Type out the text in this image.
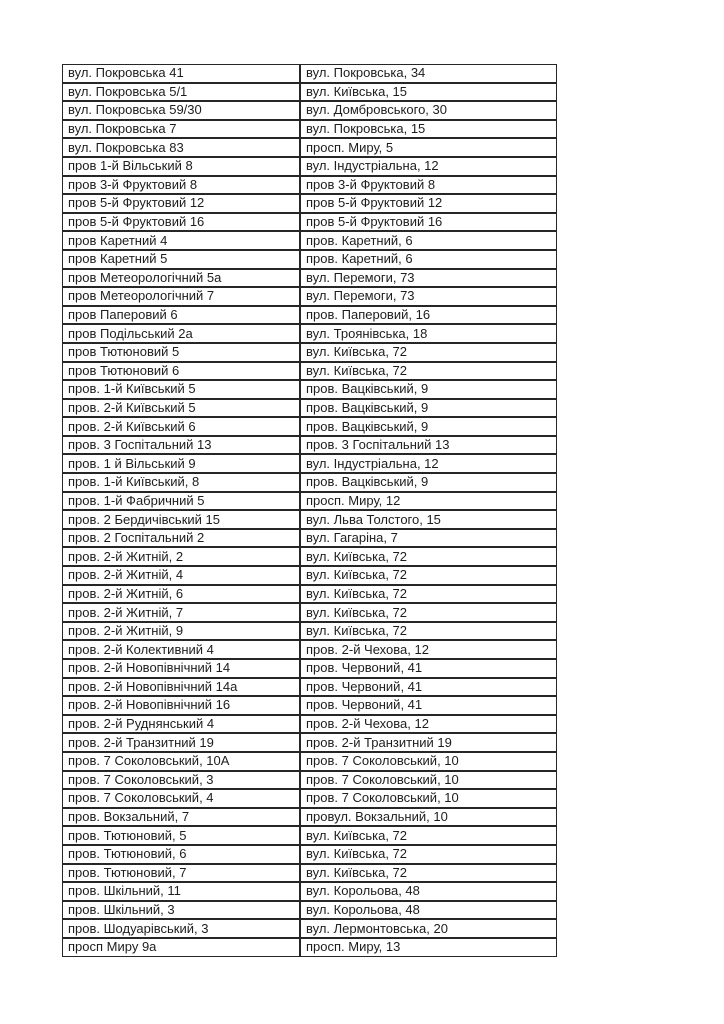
вул. Покровська 41	вул. Покровська, 34
вул. Покровська 5/1	вул. Київська, 15
вул. Покровська 59/30	вул. Домбровського, 30
вул. Покровська 7	вул. Покровська, 15
вул. Покровська 83	просп. Миру, 5
пров 1-й Вільський 8	вул. Індустріальна, 12
пров 3-й Фруктовий 8	пров 3-й Фруктовий 8
пров 5-й Фруктовий 12	пров 5-й Фруктовий 12
пров 5-й Фруктовий 16	пров 5-й Фруктовий 16
пров Каретний 4	пров. Каретний, 6
пров Каретний 5	пров. Каретний, 6
пров Метеорологічний 5а	вул. Перемоги, 73
пров Метеорологічний 7	вул. Перемоги, 73
пров Паперовий 6	пров. Паперовий, 16
пров Подільський 2а	вул. Троянівська, 18
пров Тютюновий 5	вул. Київська, 72
пров Тютюновий 6	вул. Київська, 72
пров. 1-й Київський 5	пров. Вацківський, 9
пров. 2-й Київський 5	пров. Вацківський, 9
пров. 2-й Київський 6	пров. Вацківський, 9
пров. 3 Госпітальний 13	пров. 3 Госпітальний 13
пров. 1 й Вільський 9	вул. Індустріальна, 12
пров. 1-й Київський, 8	пров. Вацківський, 9
пров. 1-й Фабричний 5	просп. Миру, 12
пров. 2 Бердичівський 15	вул. Льва Толстого, 15
пров. 2 Госпітальний 2	вул. Гагаріна, 7
пров. 2-й Житній, 2	вул. Київська, 72
пров. 2-й Житній, 4	вул. Київська, 72
пров. 2-й Житній, 6	вул. Київська, 72
пров. 2-й Житній, 7	вул. Київська, 72
пров. 2-й Житній, 9	вул. Київська, 72
пров. 2-й Колективний 4	пров. 2-й Чехова, 12
пров. 2-й Новопівнічний 14	пров. Червоний, 41
пров. 2-й Новопівнічний 14а	пров. Червоний, 41
пров. 2-й Новопівнічний 16	пров. Червоний, 41
пров. 2-й Руднянський 4	пров. 2-й Чехова, 12
пров. 2-й Транзитний 19	пров. 2-й Транзитний 19
пров. 7 Соколовський, 10А	пров. 7 Соколовський, 10
пров. 7 Соколовський, 3	пров. 7 Соколовський, 10
пров. 7 Соколовський, 4	пров. 7 Соколовський, 10
пров. Вокзальний, 7	провул. Вокзальний, 10
пров. Тютюновий, 5	вул. Київська, 72
пров. Тютюновий, 6	вул. Київська, 72
пров. Тютюновий, 7	вул. Київська, 72
пров. Шкільний, 11	вул. Корольова, 48
пров. Шкільний, 3	вул. Корольова, 48
пров. Шодуарівський, 3	вул. Лермонтовська, 20
просп Миру 9а	просп. Миру, 13
